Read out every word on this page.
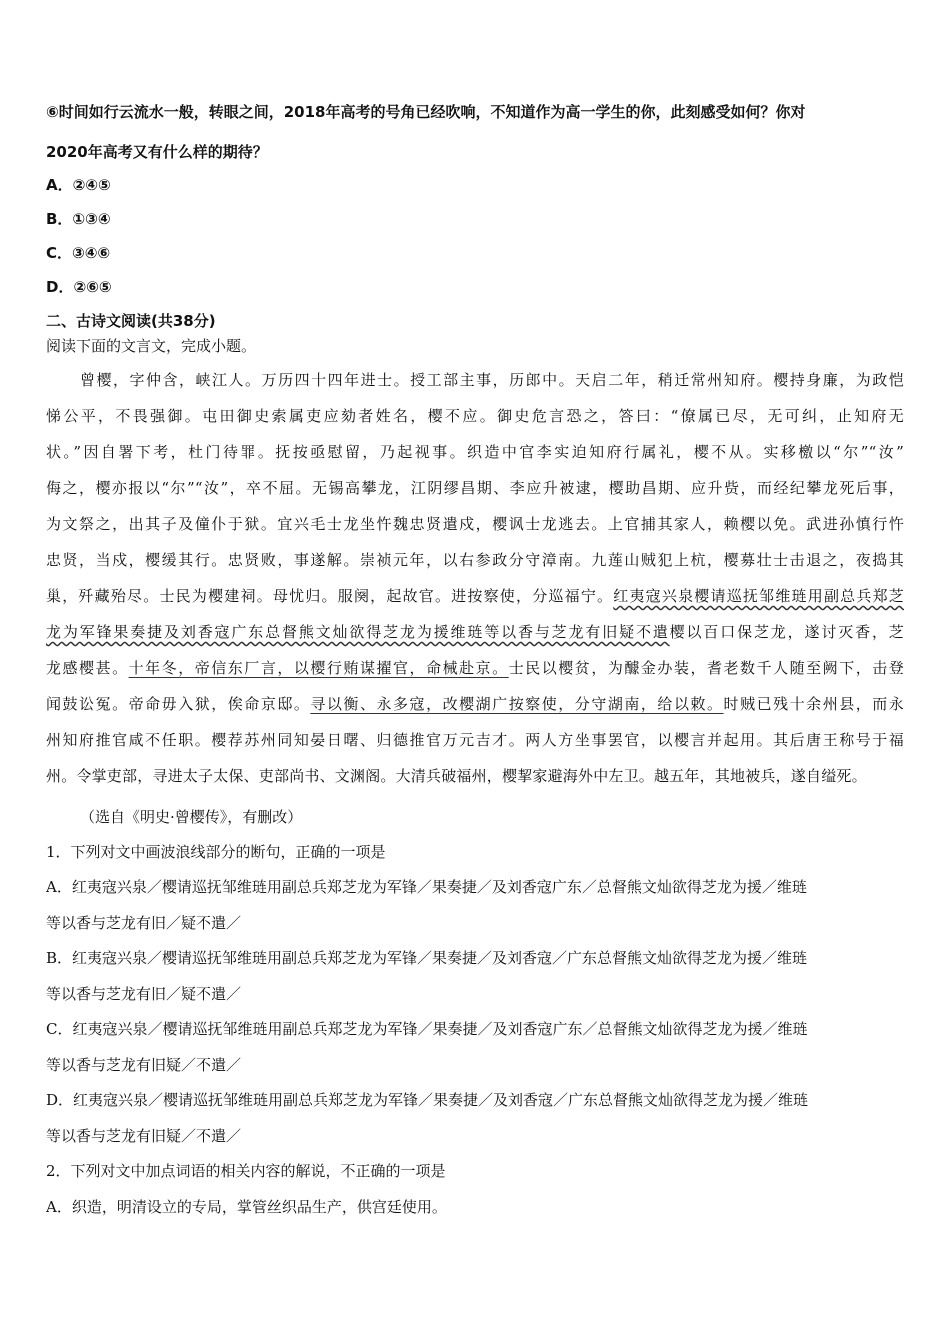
⑥时间如行云流水一般，转眼之间，2018年高考的号角已经吹响，不知道作为高一学生的你，此刻感受如何？你对
2020年高考又有什么样的期待？
A．②④⑤
B．①③④
C．③④⑥
D．②⑥⑤
二、古诗文阅读(共38分)
阅读下面的文言文，完成小题。
曾樱，字仲含，峡江人。万历四十四年进士。授工部主事，历郎中。天启二年，稍迁常州知府。樱持身廉，为政恺
悌公平，不畏强御。屯田御史索属吏应劾者姓名，樱不应。御史危言恐之，答曰：“僚属已尽，无可纠，止知府无
状。”因自署下考，杜门待罪。抚按亟慰留，乃起视事。织造中官李实迫知府行属礼，樱不从。实移檄以“尔”“汝”
侮之，樱亦报以“尔”“汝”，卒不屈。无锡高攀龙，江阴缪昌期、李应升被逮，樱助昌期、应升赀，而经纪攀龙死后事，
为文祭之，出其子及僮仆于狱。宜兴毛士龙坐忤魏忠贤遣戍，樱讽士龙逃去。上官捕其家人，赖樱以免。武进孙慎行忤
忠贤，当戍，樱缓其行。忠贤败，事遂解。崇祯元年，以右参政分守漳南。九莲山贼犯上杭，樱募壮士击退之，夜捣其
巢，歼藏殆尽。士民为樱建祠。母忧归。服阕，起故官。进按察使，分巡福宁。红夷寇兴泉樱请巡抚邹维琏用副总兵郑芝
龙为军锋果奏捷及刘香寇广东总督熊文灿欲得芝龙为援维琏等以香与芝龙有旧疑不遣樱以百口保芝龙，遂讨灭香，芝
龙感樱甚。十年冬，帝信东厂言，以樱行贿谋擢官，命械赴京。士民以樱贫，为醵金办装，耆老数千人随至阙下，击登
闻鼓讼冤。帝命毋入狱，俟命京邸。寻以衡、永多寇，改樱湖广按察使，分守湖南，给以敕。时贼已残十余州县，而永
州知府推官咸不任职。樱荐苏州同知晏日曙、归德推官万元吉才。两人方坐事罢官，以樱言并起用。其后唐王称号于福
州。令掌吏部，寻进太子太保、吏部尚书、文渊阁。大清兵破福州，樱挈家避海外中左卫。越五年，其地被兵，遂自缢死。
（选自《明史·曾樱传》，有删改）
1．下列对文中画波浪线部分的断句，正确的一项是
A．红夷寇兴泉／樱请巡抚邹维琏用副总兵郑芝龙为军锋／果奏捷／及刘香寇广东／总督熊文灿欲得芝龙为援／维琏
等以香与芝龙有旧／疑不遣／
B．红夷寇兴泉／樱请巡抚邹维琏用副总兵郑芝龙为军锋／果奏捷／及刘香寇／广东总督熊文灿欲得芝龙为援／维琏
等以香与芝龙有旧／疑不遣／
C．红夷寇兴泉／樱请巡抚邹维琏用副总兵郑芝龙为军锋／果奏捷／及刘香寇广东／总督熊文灿欲得芝龙为援／维琏
等以香与芝龙有旧疑／不遣／
D．红夷寇兴泉／樱请巡抚邹维琏用副总兵郑芝龙为军锋／果奏捷／及刘香寇／广东总督熊文灿欲得芝龙为援／维琏
等以香与芝龙有旧疑／不遣／
2．下列对文中加点词语的相关内容的解说，不正确的一项是
A．织造，明清设立的专局，掌管丝织品生产，供宫廷使用。
